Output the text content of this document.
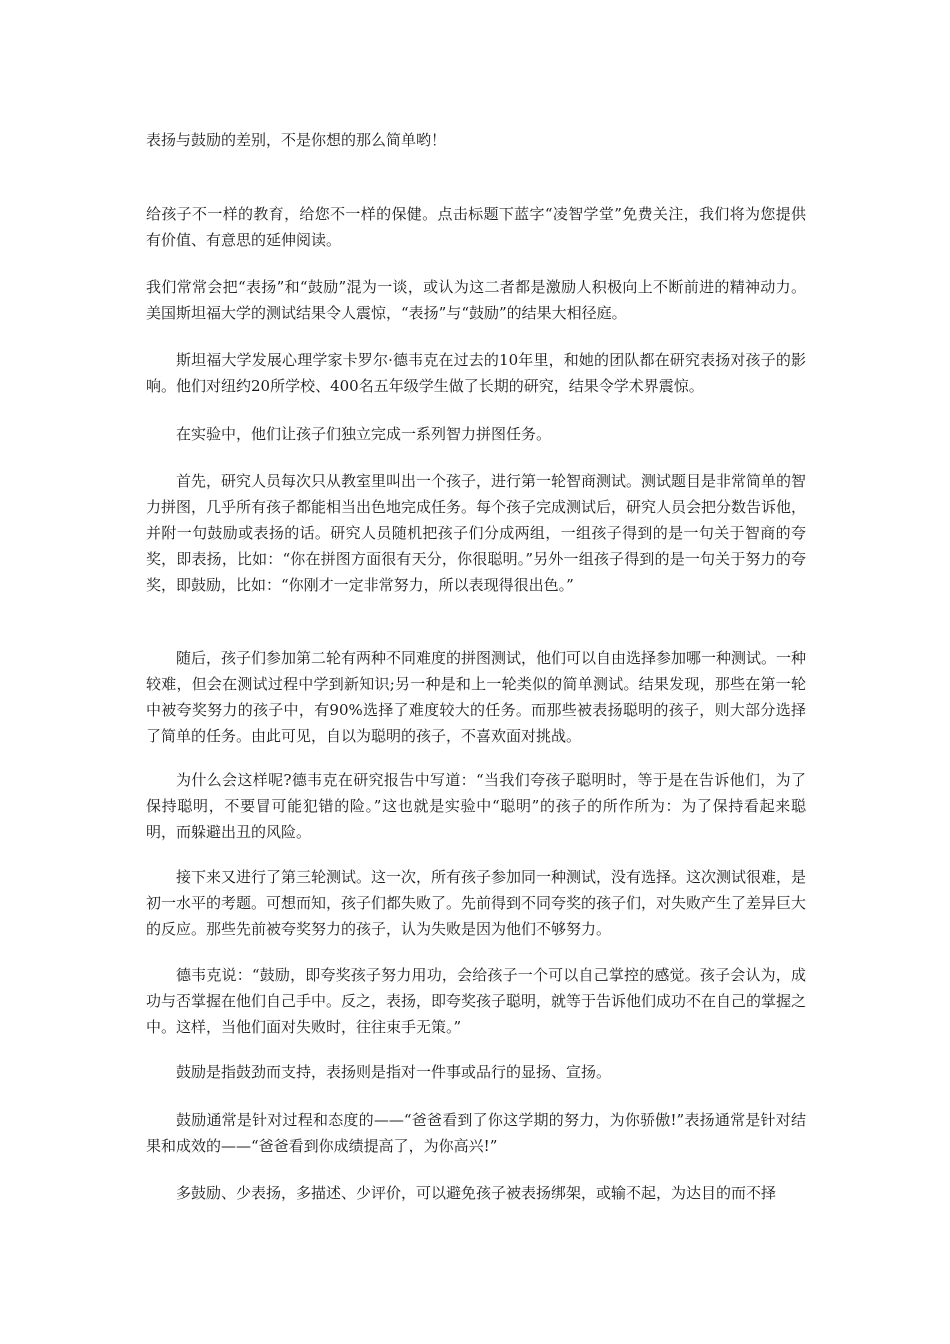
表扬与鼓励的差别，不是你想的那么简单哟！

给孩子不一样的教育，给您不一样的保健。点击标题下蓝字“凌智学堂”免费关注，我们将为您提供有价值、有意思的延伸阅读。

我们常常会把“表扬”和“鼓励”混为一谈，或认为这二者都是激励人积极向上不断前进的精神动力。美国斯坦福大学的测试结果令人震惊，“表扬”与“鼓励”的结果大相径庭。

斯坦福大学发展心理学家卡罗尔·德韦克在过去的10年里，和她的团队都在研究表扬对孩子的影响。他们对纽约20所学校、400名五年级学生做了长期的研究，结果令学术界震惊。

在实验中，他们让孩子们独立完成一系列智力拼图任务。

首先，研究人员每次只从教室里叫出一个孩子，进行第一轮智商测试。测试题目是非常简单的智力拼图，几乎所有孩子都能相当出色地完成任务。每个孩子完成测试后，研究人员会把分数告诉他，并附一句鼓励或表扬的话。研究人员随机把孩子们分成两组，一组孩子得到的是一句关于智商的夸奖，即表扬，比如：“你在拼图方面很有天分，你很聪明。”另外一组孩子得到的是一句关于努力的夸奖，即鼓励，比如：“你刚才一定非常努力，所以表现得很出色。”

随后，孩子们参加第二轮有两种不同难度的拼图测试，他们可以自由选择参加哪一种测试。一种较难，但会在测试过程中学到新知识;另一种是和上一轮类似的简单测试。结果发现，那些在第一轮中被夸奖努力的孩子中，有90%选择了难度较大的任务。而那些被表扬聪明的孩子，则大部分选择了简单的任务。由此可见，自以为聪明的孩子，不喜欢面对挑战。

为什么会这样呢?德韦克在研究报告中写道：“当我们夸孩子聪明时，等于是在告诉他们，为了保持聪明，不要冒可能犯错的险。”这也就是实验中“聪明”的孩子的所作所为：为了保持看起来聪明，而躲避出丑的风险。

接下来又进行了第三轮测试。这一次，所有孩子参加同一种测试，没有选择。这次测试很难，是初一水平的考题。可想而知，孩子们都失败了。先前得到不同夸奖的孩子们，对失败产生了差异巨大的反应。那些先前被夸奖努力的孩子，认为失败是因为他们不够努力。

德韦克说：“鼓励，即夸奖孩子努力用功，会给孩子一个可以自己掌控的感觉。孩子会认为，成功与否掌握在他们自己手中。反之，表扬，即夸奖孩子聪明，就等于告诉他们成功不在自己的掌握之中。这样，当他们面对失败时，往往束手无策。”

鼓励是指鼓劲而支持，表扬则是指对一件事或品行的显扬、宣扬。

鼓励通常是针对过程和态度的——“爸爸看到了你这学期的努力，为你骄傲!”表扬通常是针对结果和成效的——“爸爸看到你成绩提高了，为你高兴!”

多鼓励、少表扬，多描述、少评价，可以避免孩子被表扬绑架，或输不起，为达目的而不择
